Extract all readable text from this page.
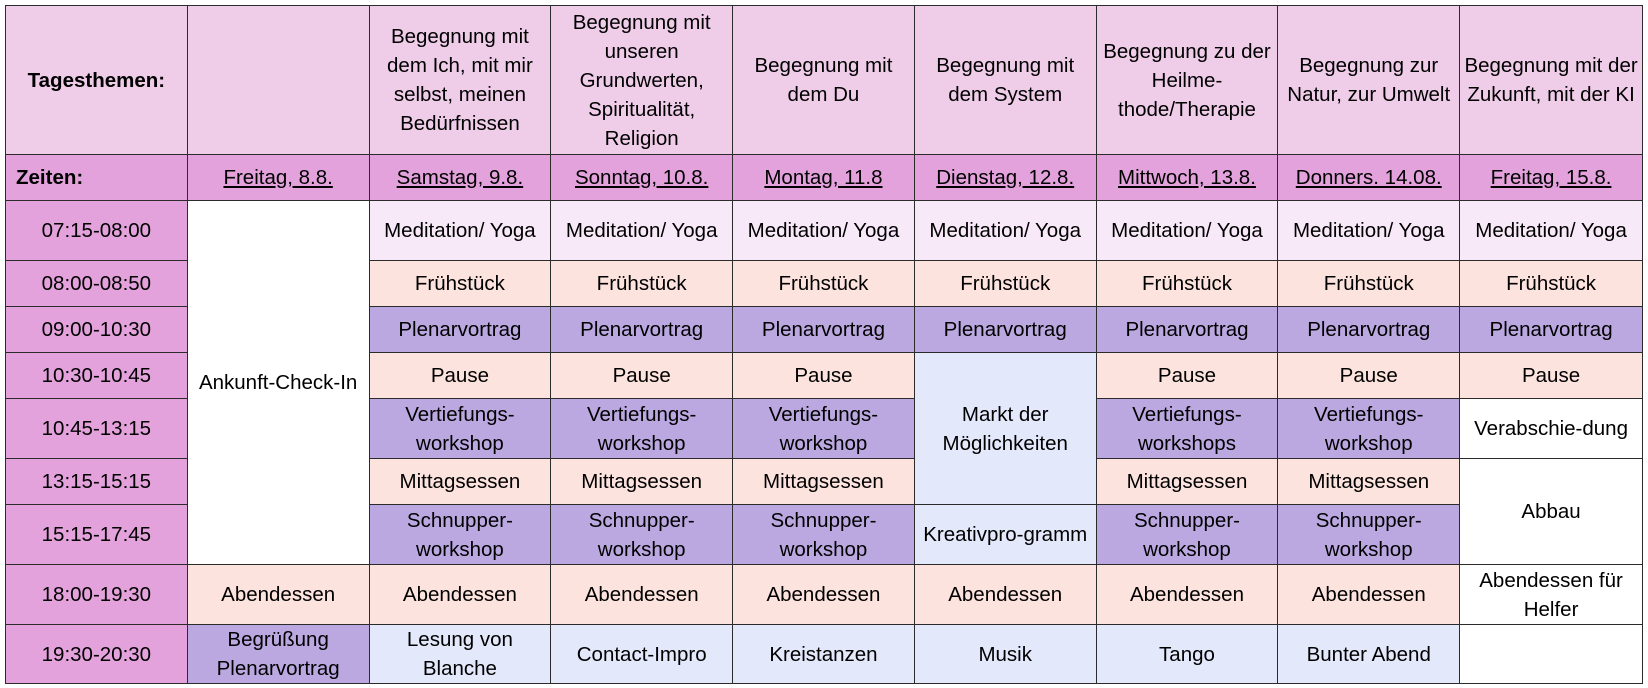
Tagesthemen:		Begegnung mit dem Ich, mit mir selbst, meinen Bedürfnissen	Begegnung mit unseren Grundwerten, Spiritualität, Religion	Begegnung mit dem Du	Begegnung mit dem System	Begegnung zu der Heilme-thode/Therapie	Begegnung zur Natur, zur Umwelt	Begegnung mit der Zukunft, mit der KI
Zeiten:	Freitag, 8.8.	Samstag, 9.8.	Sonntag, 10.8.	Montag, 11.8	Dienstag, 12.8.	Mittwoch, 13.8.	Donners. 14.08.	Freitag, 15.8.
07:15-08:00	Ankunft-Check-In	Meditation/ Yoga	Meditation/ Yoga	Meditation/ Yoga	Meditation/ Yoga	Meditation/ Yoga	Meditation/ Yoga	Meditation/ Yoga
08:00-08:50		Frühstück	Frühstück	Frühstück	Frühstück	Frühstück	Frühstück	Frühstück
09:00-10:30		Plenarvortrag	Plenarvortrag	Plenarvortrag	Plenarvortrag	Plenarvortrag	Plenarvortrag	Plenarvortrag
10:30-10:45		Pause	Pause	Pause	Markt der Möglichkeiten	Pause	Pause	Pause
10:45-13:15		Vertiefungs-workshop	Vertiefungs-workshop	Vertiefungs-workshop		Vertiefungs-workshops	Vertiefungs-workshop	Verabschie-dung
13:15-15:15		Mittagsessen	Mittagsessen	Mittagsessen		Mittagsessen	Mittagsessen	Abbau
15:15-17:45		Schnupper-workshop	Schnupper-workshop	Schnupper-workshop	Kreativpro-gramm	Schnupper-workshop	Schnupper-workshop	
18:00-19:30	Abendessen	Abendessen	Abendessen	Abendessen	Abendessen	Abendessen	Abendessen	Abendessen für Helfer
19:30-20:30	Begrüßung Plenarvortrag	Lesung von Blanche	Contact-Impro	Kreistanzen	Musik	Tango	Bunter Abend	
